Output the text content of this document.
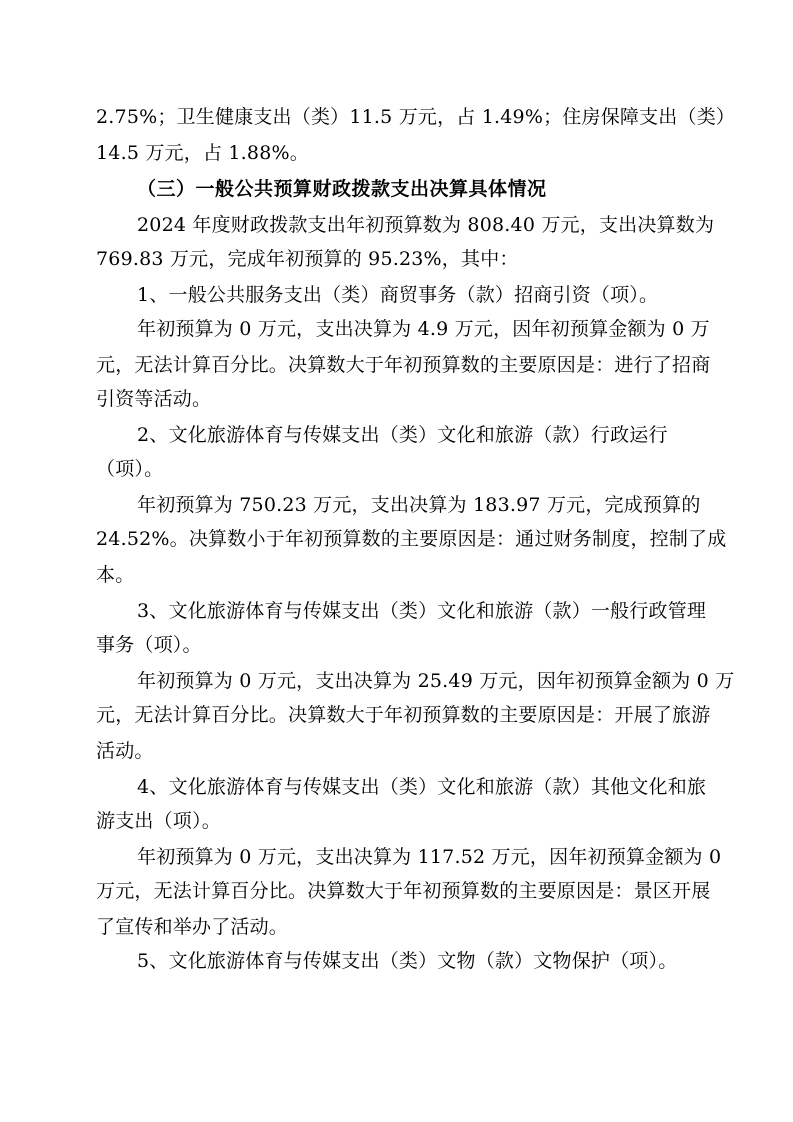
2.75%；卫生健康支出（类）11.5 万元，占 1.49%；住房保障支出（类）
14.5 万元，占 1.88%。
（三）一般公共预算财政拨款支出决算具体情况
2024 年度财政拨款支出年初预算数为 808.40 万元，支出决算数为
769.83 万元，完成年初预算的 95.23%，其中：
1、一般公共服务支出（类）商贸事务（款）招商引资（项）。
年初预算为 0 万元，支出决算为 4.9 万元，因年初预算金额为 0 万
元，无法计算百分比。决算数大于年初预算数的主要原因是：进行了招商
引资等活动。
2、文化旅游体育与传媒支出（类）文化和旅游（款）行政运行
（项）。
年初预算为 750.23 万元，支出决算为 183.97 万元，完成预算的
24.52%。决算数小于年初预算数的主要原因是：通过财务制度，控制了成
本。
3、文化旅游体育与传媒支出（类）文化和旅游（款）一般行政管理
事务（项）。
年初预算为 0 万元，支出决算为 25.49 万元，因年初预算金额为 0 万
元，无法计算百分比。决算数大于年初预算数的主要原因是：开展了旅游
活动。
4、文化旅游体育与传媒支出（类）文化和旅游（款）其他文化和旅
游支出（项）。
年初预算为 0 万元，支出决算为 117.52 万元，因年初预算金额为 0
万元，无法计算百分比。决算数大于年初预算数的主要原因是：景区开展
了宣传和举办了活动。
5、文化旅游体育与传媒支出（类）文物（款）文物保护（项）。
